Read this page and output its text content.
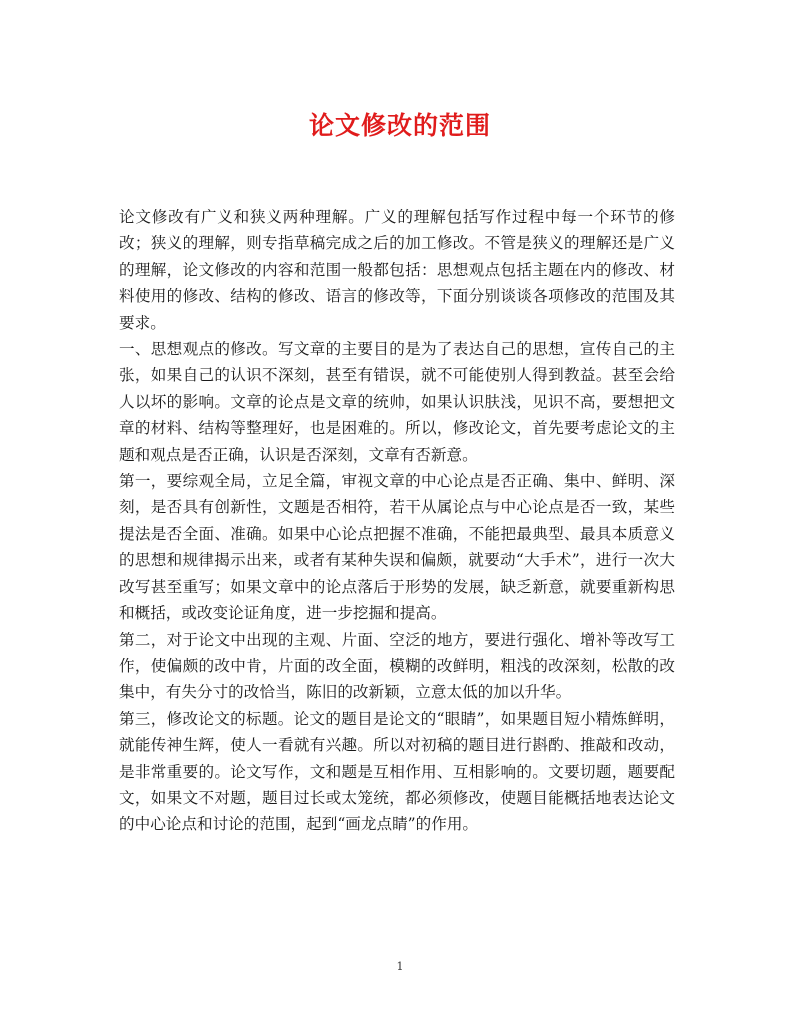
论文修改的范围

论文修改有广义和狭义两种理解。广义的理解包括写作过程中每一个环节的修改；狭义的理解，则专指草稿完成之后的加工修改。不管是狭义的理解还是广义的理解，论文修改的内容和范围一般都包括：思想观点包括主题在内的修改、材料使用的修改、结构的修改、语言的修改等，下面分别谈谈各项修改的范围及其要求。

一、思想观点的修改。写文章的主要目的是为了表达自己的思想，宣传自己的主张，如果自己的认识不深刻，甚至有错误，就不可能使别人得到教益。甚至会给人以坏的影响。文章的论点是文章的统帅，如果认识肤浅，见识不高，要想把文章的材料、结构等整理好，也是困难的。所以，修改论文，首先要考虑论文的主题和观点是否正确，认识是否深刻，文章有否新意。

第一，要综观全局，立足全篇，审视文章的中心论点是否正确、集中、鲜明、深刻，是否具有创新性，文题是否相符，若干从属论点与中心论点是否一致，某些提法是否全面、准确。如果中心论点把握不准确，不能把最典型、最具本质意义的思想和规律揭示出来，或者有某种失误和偏颇，就要动“大手术”，进行一次大改写甚至重写；如果文章中的论点落后于形势的发展，缺乏新意，就要重新构思和概括，或改变论证角度，进一步挖掘和提高。

第二，对于论文中出现的主观、片面、空泛的地方，要进行强化、增补等改写工作，使偏颇的改中肯，片面的改全面，模糊的改鲜明，粗浅的改深刻，松散的改集中，有失分寸的改恰当，陈旧的改新颖，立意太低的加以升华。

第三，修改论文的标题。论文的题目是论文的“眼睛”，如果题目短小精炼鲜明，就能传神生辉，使人一看就有兴趣。所以对初稿的题目进行斟酌、推敲和改动，是非常重要的。论文写作，文和题是互相作用、互相影响的。文要切题，题要配文，如果文不对题，题目过长或太笼统，都必须修改，使题目能概括地表达论文的中心论点和讨论的范围，起到“画龙点睛”的作用。

1
